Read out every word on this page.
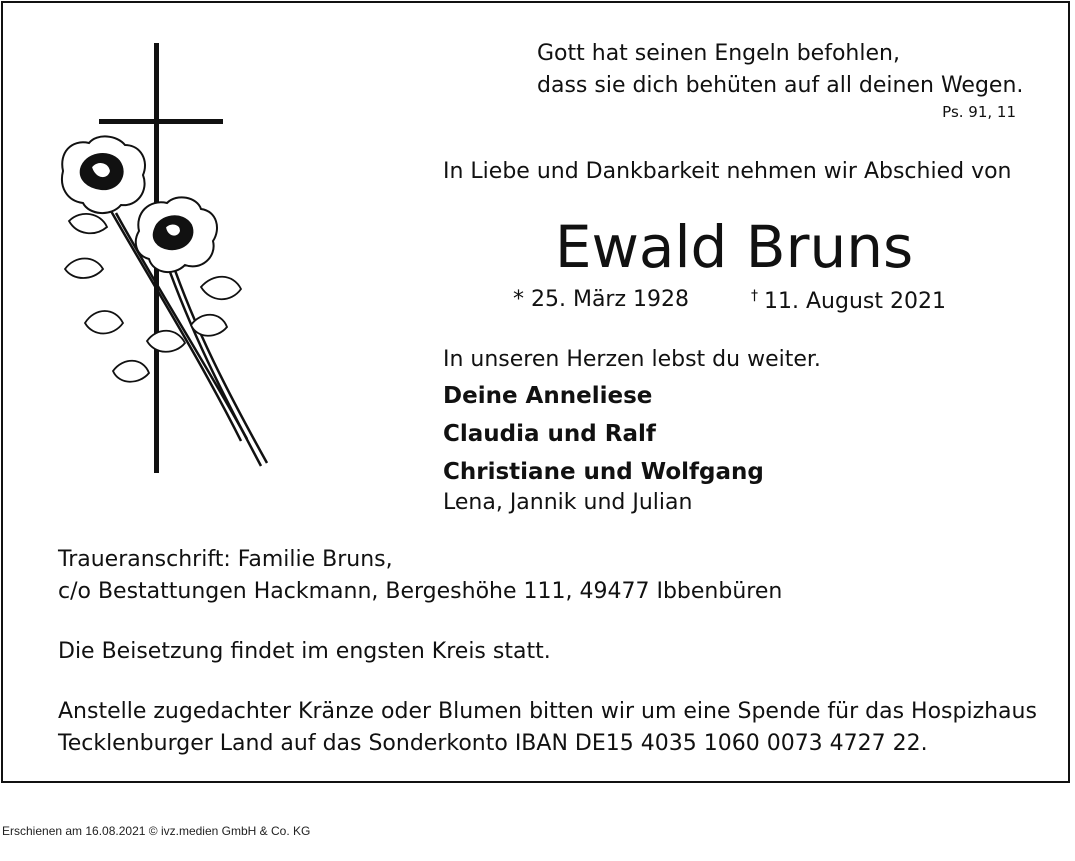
Gott hat seinen Engeln befohlen,
dass sie dich behüten auf all deinen Wegen.
Ps. 91, 11
In Liebe und Dankbarkeit nehmen wir Abschied von
Ewald Bruns
* 25. März 1928	† 11. August 2021
In unseren Herzen lebst du weiter.
Deine Anneliese
Claudia und Ralf
Christiane und Wolfgang
Lena, Jannik und Julian
Traueranschrift: Familie Bruns,
c/o Bestattungen Hackmann, Bergeshöhe 111, 49477 Ibbenbüren
Die Beisetzung findet im engsten Kreis statt.
Anstelle zugedachter Kränze oder Blumen bitten wir um eine Spende für das Hospizhaus
Tecklenburger Land auf das Sonderkonto IBAN DE15 4035 1060 0073 4727 22.
Erschienen am 16.08.2021 © ivz.medien GmbH & Co. KG
